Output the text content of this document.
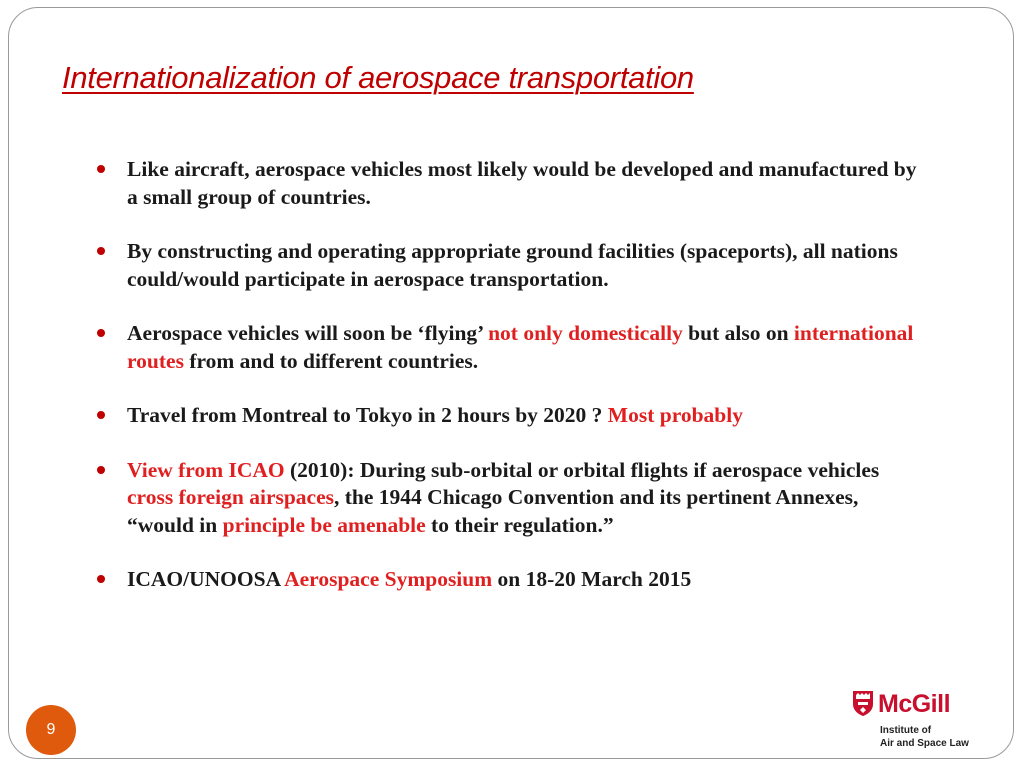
Internationalization of aerospace transportation
Like aircraft, aerospace vehicles most likely would be developed and manufactured by a small group of countries.
By constructing and operating appropriate ground facilities (spaceports), all nations could/would participate in aerospace transportation.
Aerospace vehicles will soon be ‘flying’ not only domestically but also on international routes from and to different countries.
Travel from Montreal to Tokyo in 2 hours by 2020 ? Most probably
View from ICAO (2010): During sub-orbital or orbital flights if aerospace vehicles cross foreign airspaces, the 1944 Chicago Convention and its pertinent Annexes, “would in principle be amenable to their regulation.”
ICAO/UNOOSA Aerospace Symposium on 18-20 March 2015
9
McGill
Institute of
Air and Space Law
